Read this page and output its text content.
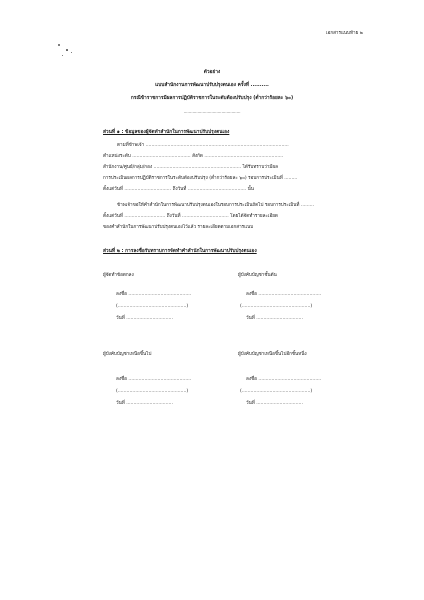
เอกสารแนบท้าย ๒
ตัวอย่าง
แบบสำนักงานการพัฒนาปรับปรุงตนเอง ครั้งที่ ..........
กรณีข้าราชการมีผลการปฏิบัติราชการในระดับต้องปรับปรุง (ต่ำกว่าร้อยละ ๖๐)
.............................................
ส่วนที่ ๑ : ข้อมูลของผู้จัดทำสำนักในการพัฒนาปรับปรุงตนเอง
ตามที่ข้าพเจ้า ..................................................................................................
ตำแหน่งระดับ ........................................ สังกัด ......................................................
สำนักงาน/ศูนย์/กลุ่ม/กอง ............................................................ ได้รับทราบว่ามีผล
การประเมินผลการปฏิบัติราชการในระดับต้องปรับปรุง (ต่ำกว่าร้อยละ ๖๐) รอบการประเมินที่ .........
ตั้งแต่วันที่ ................................ ถึงวันที่ ........................................ นั้น
ข้าพเจ้าขอให้คำสำนักในการพัฒนาปรับปรุงตนเองในรอบการประเมินถัดไป รอบการประเมินที่ .........
ตั้งแต่วันที่ ............................ ถึงวันที่ ................................ โดยได้จัดทำรายละเอียด
ของคำสำนักในการพัฒนาปรับปรุงตนเองไว้แล้ว รายละเอียดตามเอกสารแนบ
ส่วนที่ ๒ : การลงชื่อรับทราบการจัดทำคำสำนักในการพัฒนาปรับปรุงตนเอง
ผู้จัดทำข้อตกลง
ลงชื่อ ...........................................
(...............................................)
วันที่ ................................
ผู้บังคับบัญชาชั้นต้น
ลงชื่อ ...........................................
(...............................................)
วันที่ ................................
ผู้บังคับบัญชาเหนือขึ้นไป
ลงชื่อ ...........................................
(...............................................)
วันที่ ................................
ผู้บังคับบัญชาเหนือขึ้นไปอีกชั้นหนึ่ง
ลงชื่อ ...........................................
(...............................................)
วันที่ ................................
